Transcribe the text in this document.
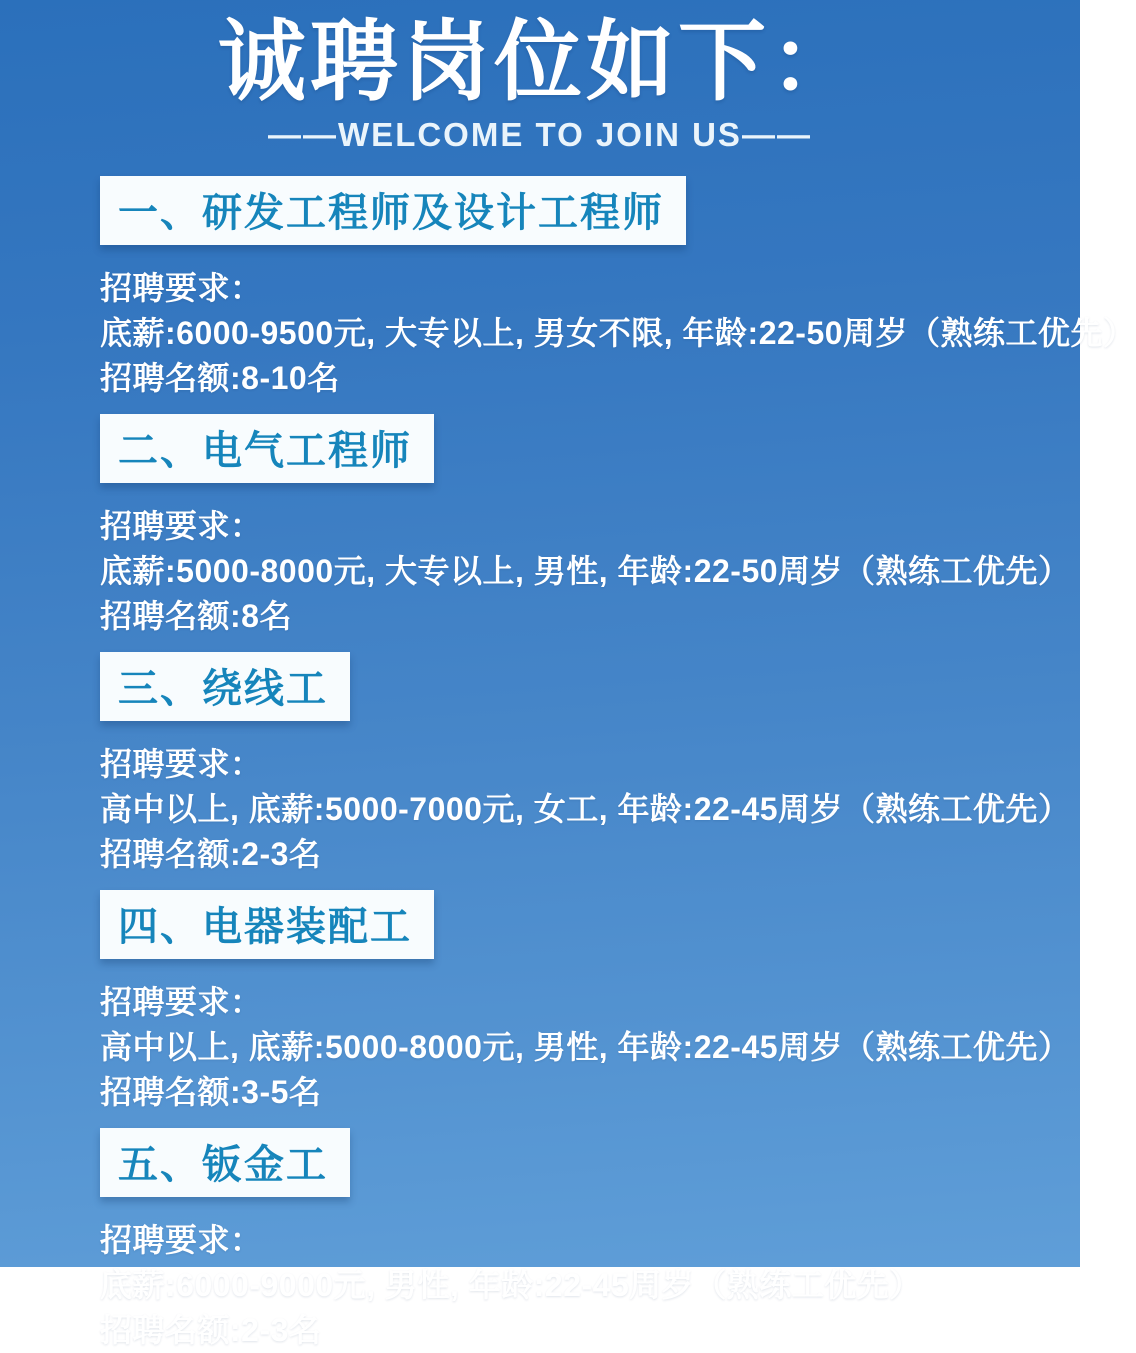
诚聘岗位如下：
——WELCOME TO JOIN US——
一、研发工程师及设计工程师

招聘要求：

底薪:6000-9500元, 大专以上, 男女不限, 年龄:22-50周岁（熟练工优先）

招聘名额:8-10名

二、电气工程师

招聘要求：

底薪:5000-8000元, 大专以上, 男性, 年龄:22-50周岁（熟练工优先）

招聘名额:8名

三、绕线工

招聘要求：

高中以上, 底薪:5000-7000元, 女工, 年龄:22-45周岁（熟练工优先）

招聘名额:2-3名

四、电器装配工

招聘要求：

高中以上, 底薪:5000-8000元, 男性, 年龄:22-45周岁（熟练工优先）

招聘名额:3-5名

五、钣金工

招聘要求：

底薪:6000-9000元, 男性, 年龄:22-45周岁（熟练工优先）

招聘名额:2-3名
